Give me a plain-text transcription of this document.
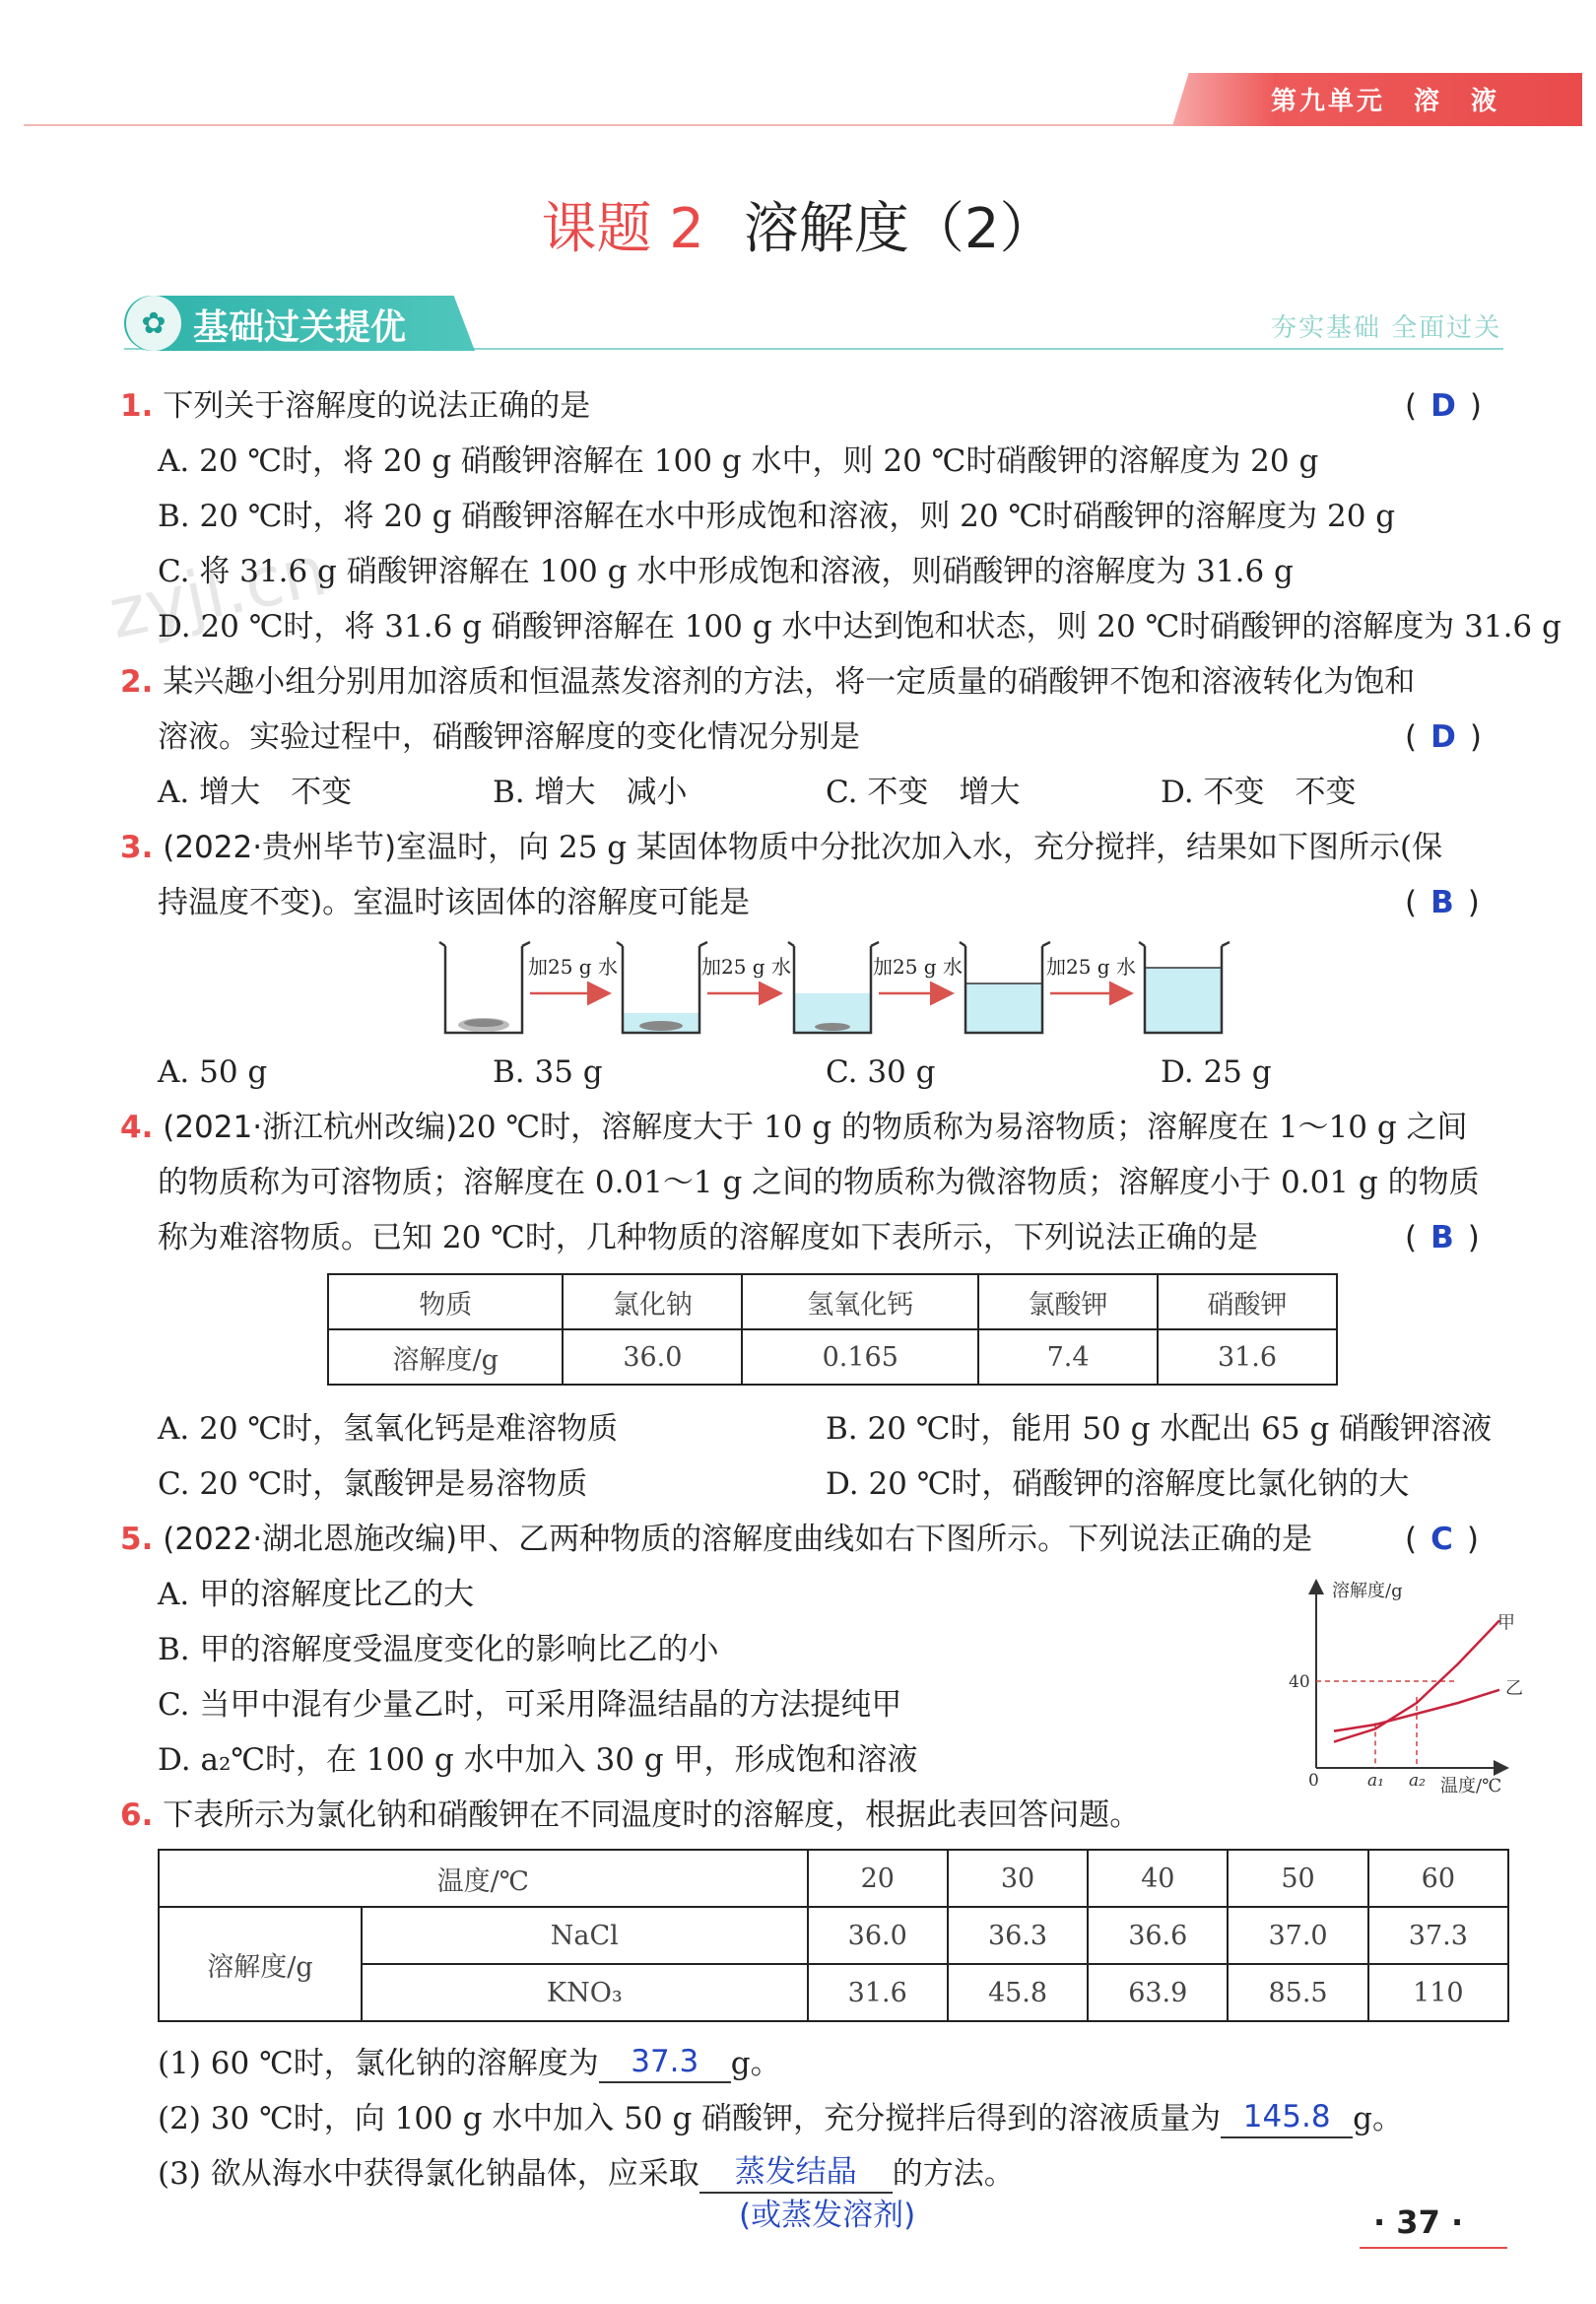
第九单元　溶　液
课题 2 溶解度（2）
✿ 基础过关提优	夯实基础 全面过关
zyjl.cn
1. 下列关于溶解度的说法正确的是	( D )
A. 20 ℃时，将 20 g 硝酸钾溶解在 100 g 水中，则 20 ℃时硝酸钾的溶解度为 20 g
B. 20 ℃时，将 20 g 硝酸钾溶解在水中形成饱和溶液，则 20 ℃时硝酸钾的溶解度为 20 g
C. 将 31.6 g 硝酸钾溶解在 100 g 水中形成饱和溶液，则硝酸钾的溶解度为 31.6 g
D. 20 ℃时，将 31.6 g 硝酸钾溶解在 100 g 水中达到饱和状态，则 20 ℃时硝酸钾的溶解度为 31.6 g
2. 某兴趣小组分别用加溶质和恒温蒸发溶剂的方法，将一定质量的硝酸钾不饱和溶液转化为饱和
溶液。实验过程中，硝酸钾溶解度的变化情况分别是	( D )
A. 增大　不变	B. 增大　减小	C. 不变　增大	D. 不变　不变
3. (2022·贵州毕节)室温时，向 25 g 某固体物质中分批次加入水，充分搅拌，结果如下图所示(保
持温度不变)。室温时该固体的溶解度可能是	( B )
加25 g 水	加25 g 水	加25 g 水	加25 g 水
A. 50 g	B. 35 g	C. 30 g	D. 25 g
4. (2021·浙江杭州改编)20 ℃时，溶解度大于 10 g 的物质称为易溶物质；溶解度在 1～10 g 之间
的物质称为可溶物质；溶解度在 0.01～1 g 之间的物质称为微溶物质；溶解度小于 0.01 g 的物质
称为难溶物质。已知 20 ℃时，几种物质的溶解度如下表所示，下列说法正确的是	( B )
物质	氯化钠	氢氧化钙	氯酸钾	硝酸钾
溶解度/g	36.0	0.165	7.4	31.6
A. 20 ℃时，氢氧化钙是难溶物质	B. 20 ℃时，能用 50 g 水配出 65 g 硝酸钾溶液
C. 20 ℃时，氯酸钾是易溶物质	D. 20 ℃时，硝酸钾的溶解度比氯化钠的大
5. (2022·湖北恩施改编)甲、乙两种物质的溶解度曲线如右下图所示。下列说法正确的是	( C )
A. 甲的溶解度比乙的大
B. 甲的溶解度受温度变化的影响比乙的小
C. 当甲中混有少量乙时，可采用降温结晶的方法提纯甲
D. a₂℃时，在 100 g 水中加入 30 g 甲，形成饱和溶液
溶解度/g
温度/℃
0
40
a₁ a₂
甲
乙
6. 下表所示为氯化钠和硝酸钾在不同温度时的溶解度，根据此表回答问题。
温度/℃		20	30	40	50	60
溶解度/g	NaCl	36.0	36.3	36.6	37.0	37.3
	KNO₃	31.6	45.8	63.9	85.5	110
(1) 60 ℃时，氯化钠的溶解度为 37.3 g。
(2) 30 ℃时，向 100 g 水中加入 50 g 硝酸钾，充分搅拌后得到的溶液质量为 145.8 g。
(3) 欲从海水中获得氯化钠晶体，应采取 蒸发结晶 的方法。
(或蒸发溶剂)	· 37 ·
